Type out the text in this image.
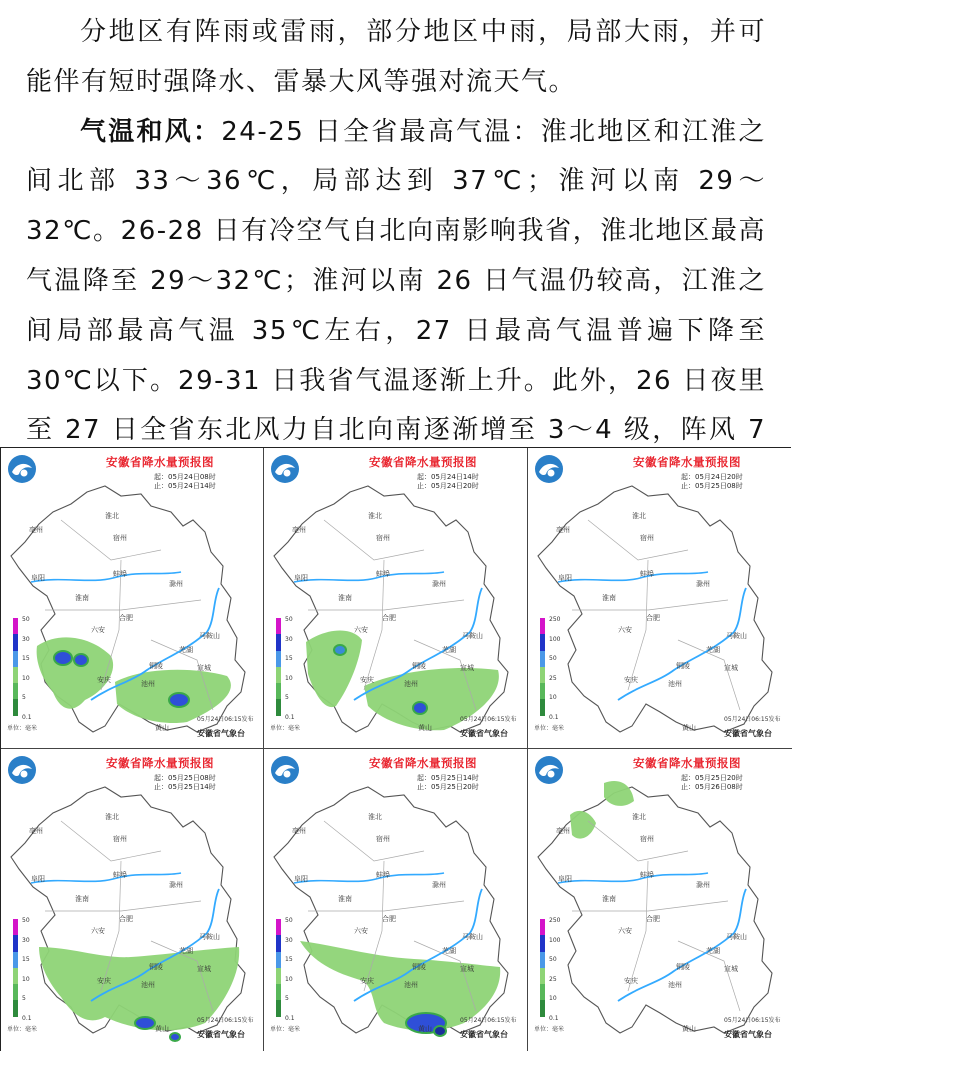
分地区有阵雨或雷雨，部分地区中雨，局部大雨，并可能伴有短时强降水、雷暴大风等强对流天气。

气温和风：24-25 日全省最高气温：淮北地区和江淮之间北部 33～36℃，局部达到 37℃；淮河以南 29～32℃。26-28 日有冷空气自北向南影响我省，淮北地区最高气温降至 29～32℃；淮河以南 26 日气温仍较高，江淮之间局部最高气温 35℃左右，27 日最高气温普遍下降至 30℃以下。29-31 日我省气温逐渐上升。此外，26 日夜里至 27 日全省东北风力自北向南逐渐增至 3～4 级，阵风 7

亳州
淮北
宿州
阜阳	蚌埠
淮南
滁州
合肥
六安
马鞍山
芜湖
铜陵	宣城
安庆	池州
黄山
安徽省降水量预报图
起：05月24日08时
止：05月24日14时
50
30
15
10
5
0.1
单位：毫米
05月24日06:15发布
安徽省气象台
亳州
淮北
宿州
阜阳	蚌埠
淮南
滁州
合肥
六安
马鞍山
芜湖
铜陵	宣城
安庆	池州
黄山
安徽省降水量预报图
起：05月24日14时
止：05月24日20时
50
30
15
10
5
0.1
单位：毫米
05月24日06:15发布
安徽省气象台
亳州
淮北
宿州
阜阳	蚌埠
淮南
滁州
合肥
六安
马鞍山
芜湖
铜陵	宣城
安庆	池州
黄山
安徽省降水量预报图
起：05月24日20时
止：05月25日08时
250
100
50
25
10
0.1
单位：毫米
05月24日06:15发布
安徽省气象台
亳州
淮北
宿州
阜阳	蚌埠
淮南
滁州
合肥
六安
马鞍山
芜湖
铜陵	宣城
安庆	池州
黄山
安徽省降水量预报图
起：05月25日08时
止：05月25日14时
50
30
15
10
5
0.1
单位：毫米
05月24日06:15发布
安徽省气象台
亳州
淮北
宿州
阜阳	蚌埠
淮南
滁州
合肥
六安
马鞍山
芜湖
铜陵	宣城
安庆	池州
黄山
安徽省降水量预报图
起：05月25日14时
止：05月25日20时
50
30
15
10
5
0.1
单位：毫米
05月24日06:15发布
安徽省气象台
亳州
淮北
宿州
阜阳	蚌埠
淮南
滁州
合肥
六安
马鞍山
芜湖
铜陵	宣城
安庆	池州
黄山
安徽省降水量预报图
起：05月25日20时
止：05月26日08时
250
100
50
25
10
0.1
单位：毫米
05月24日06:15发布
安徽省气象台
